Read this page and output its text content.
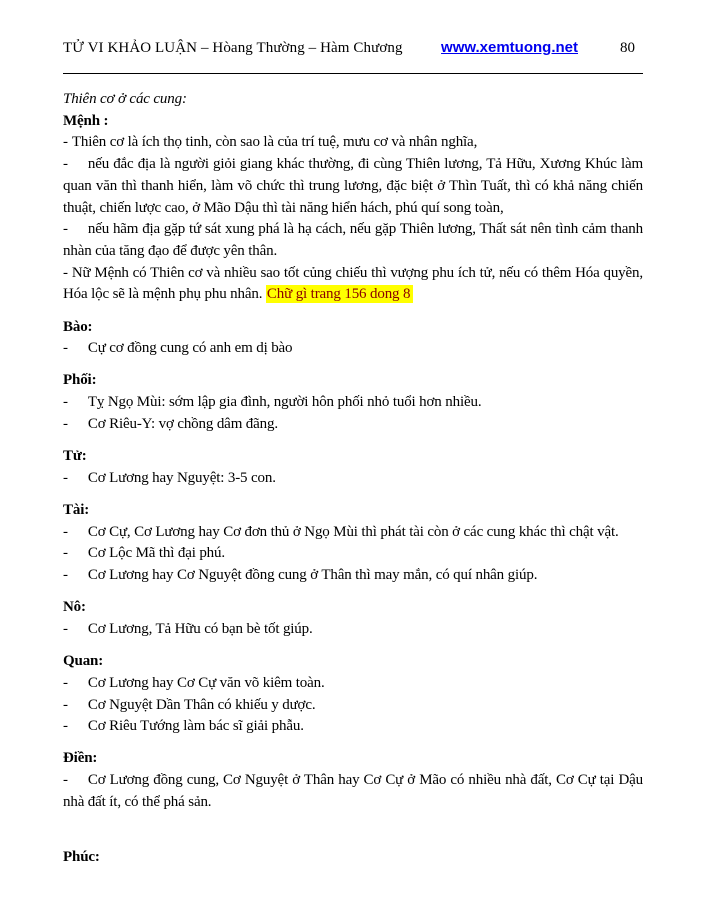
TỬ VI KHẢO LUẬN – Hòang Thường – Hàm Chương	www.xemtuong.net	80

Thiên cơ ở các cung:

Mệnh :

- Thiên cơ là ích thọ tinh, còn sao là của trí tuệ, mưu cơ và nhân nghĩa,

- nếu đắc địa là người giỏi giang khác thường, đi cùng Thiên lương, Tả Hữu, Xương Khúc làm quan văn thì thanh hiển, làm võ chức thì trung lương, đặc biệt ở Thìn Tuất, thì có khả năng chiến thuật, chiến lược cao, ở Mão Dậu thì tài năng hiển hách, phú quí song toàn,

- nếu hãm địa gặp tứ sát xung phá là hạ cách, nếu gặp Thiên lương, Thất sát nên tình cảm thanh nhàn của tăng đạo để được yên thân.

- Nữ Mệnh có Thiên cơ và nhiều sao tốt củng chiếu thì vượng phu ích tử, nếu có thêm Hóa quyền, Hóa lộc sẽ là mệnh phụ phu nhân. Chữ gì trang 156 dong 8

Bào:

- Cự cơ đồng cung có anh em dị bào

Phối:

- Tỵ Ngọ Mùi: sớm lập gia đình, người hôn phối nhỏ tuổi hơn nhiều.

- Cơ Riêu-Y: vợ chồng dâm đãng.

Tử:

- Cơ Lương hay Nguyệt: 3-5 con.

Tài:

- Cơ Cự, Cơ Lương hay Cơ đơn thủ ở Ngọ Mùi thì phát tài còn ở các cung khác thì chật vật.

- Cơ Lộc Mã thì đại phú.

- Cơ Lương hay Cơ Nguyệt đồng cung ở Thân thì may mắn, có quí nhân giúp.

Nô:

- Cơ Lương, Tả Hữu có bạn bè tốt giúp.

Quan:

- Cơ Lương hay Cơ Cự văn võ kiêm toàn.

- Cơ Nguyệt Dần Thân có khiếu y dược.

- Cơ Riêu Tướng làm bác sĩ giải phẫu.

Điền:

- Cơ Lương đồng cung, Cơ Nguyệt ở Thân hay Cơ Cự ở Mão có nhiều nhà đất, Cơ Cự tại Dậu nhà đất ít, có thể phá sản.

Phúc:
